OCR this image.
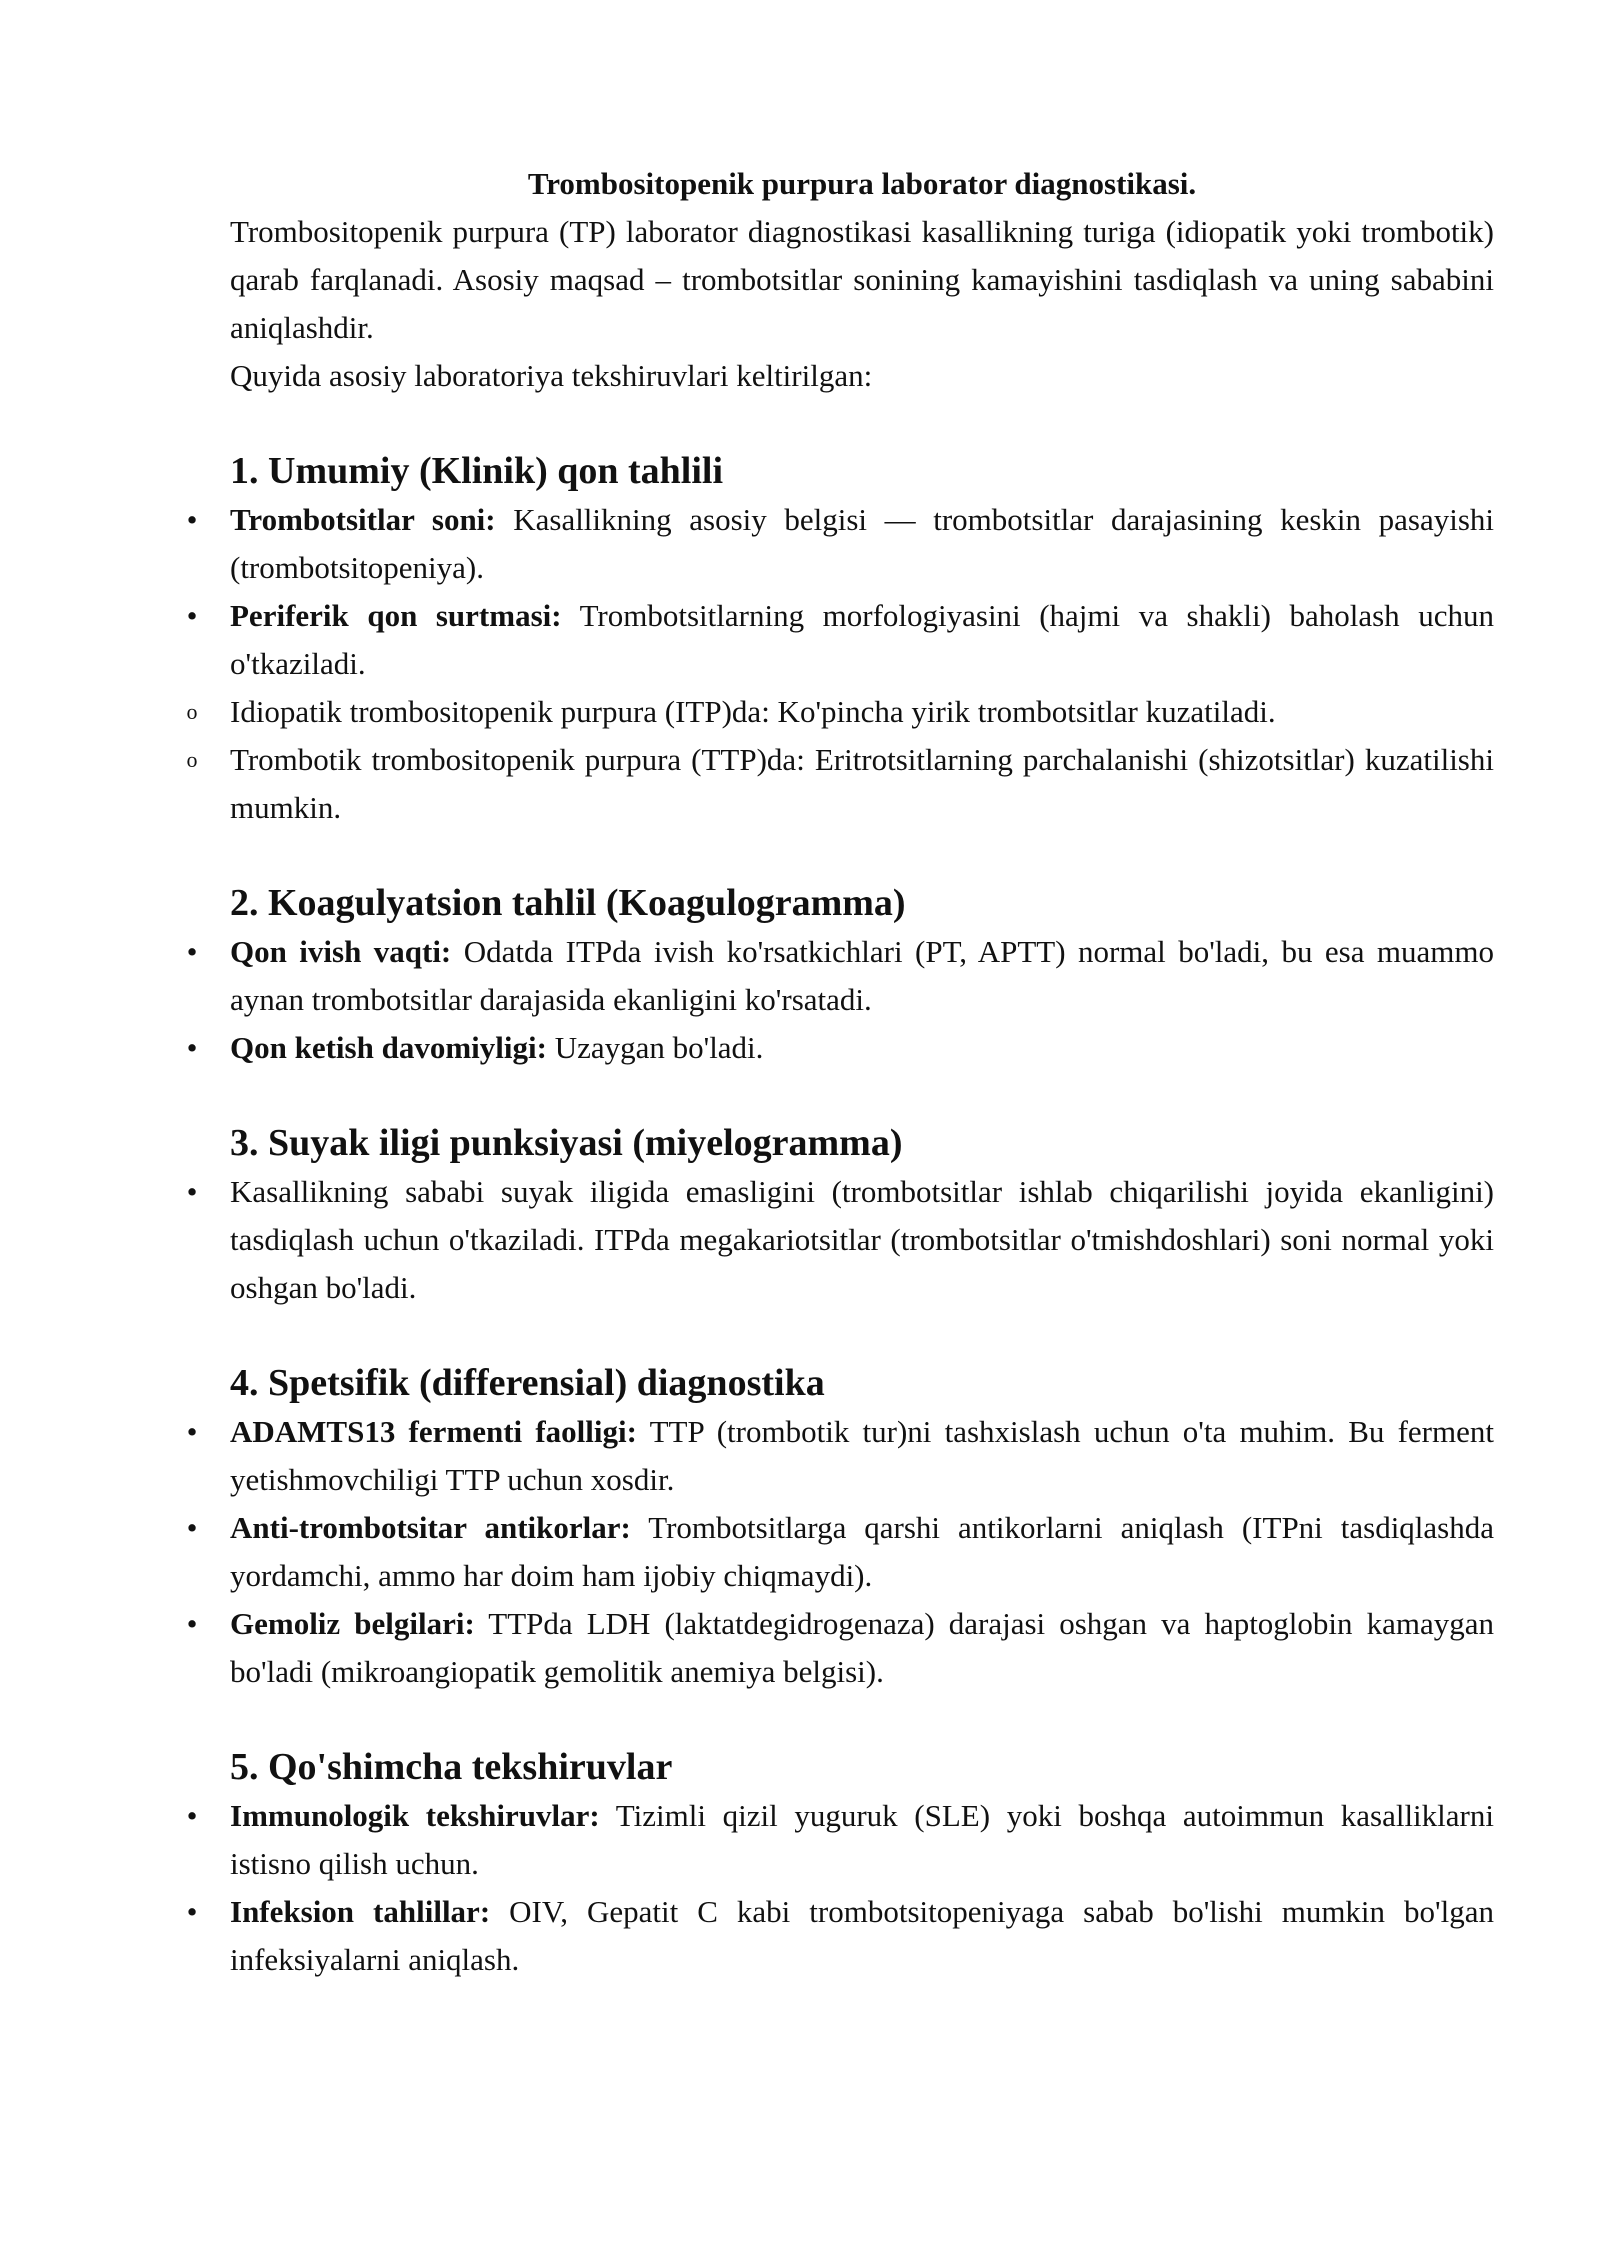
Trombositopenik purpura laborator diagnostikasi.

Trombositopenik purpura (TP) laborator diagnostikasi kasallikning turiga (idiopatik yoki trombotik) qarab farqlanadi. Asosiy maqsad – trombotsitlar sonining kamayishini tasdiqlash va uning sababini aniqlashdir.

Quyida asosiy laboratoriya tekshiruvlari keltirilgan:

1. Umumiy (Klinik) qon tahlili
• Trombotsitlar soni: Kasallikning asosiy belgisi — trombotsitlar darajasining keskin pasayishi (trombotsitopeniya).
• Periferik qon surtmasi: Trombotsitlarning morfologiyasini (hajmi va shakli) baholash uchun o'tkaziladi.
o Idiopatik trombositopenik purpura (ITP)da: Ko'pincha yirik trombotsitlar kuzatiladi.
o Trombotik trombositopenik purpura (TTP)da: Eritrotsitlarning parchalanishi (shizotsitlar) kuzatilishi mumkin.
2. Koagulyatsion tahlil (Koagulogramma)
• Qon ivish vaqti: Odatda ITPda ivish ko'rsatkichlari (PT, APTT) normal bo'ladi, bu esa muammo aynan trombotsitlar darajasida ekanligini ko'rsatadi.
• Qon ketish davomiyligi: Uzaygan bo'ladi.
3. Suyak iligi punksiyasi (miyelogramma)
• Kasallikning sababi suyak iligida emasligini (trombotsitlar ishlab chiqarilishi joyida ekanligini) tasdiqlash uchun o'tkaziladi. ITPda megakariotsitlar (trombotsitlar o'tmishdoshlari) soni normal yoki oshgan bo'ladi.
4. Spetsifik (differensial) diagnostika
• ADAMTS13 fermenti faolligi: TTP (trombotik tur)ni tashxislash uchun o'ta muhim. Bu ferment yetishmovchiligi TTP uchun xosdir.
• Anti-trombotsitar antikorlar: Trombotsitlarga qarshi antikorlarni aniqlash (ITPni tasdiqlashda yordamchi, ammo har doim ham ijobiy chiqmaydi).
• Gemoliz belgilari: TTPda LDH (laktatdegidrogenaza) darajasi oshgan va haptoglobin kamaygan bo'ladi (mikroangiopatik gemolitik anemiya belgisi).
5. Qo'shimcha tekshiruvlar
• Immunologik tekshiruvlar: Tizimli qizil yuguruk (SLE) yoki boshqa autoimmun kasalliklarni istisno qilish uchun.
• Infeksion tahlillar: OIV, Gepatit C kabi trombotsitopeniyaga sabab bo'lishi mumkin bo'lgan infeksiyalarni aniqlash.
